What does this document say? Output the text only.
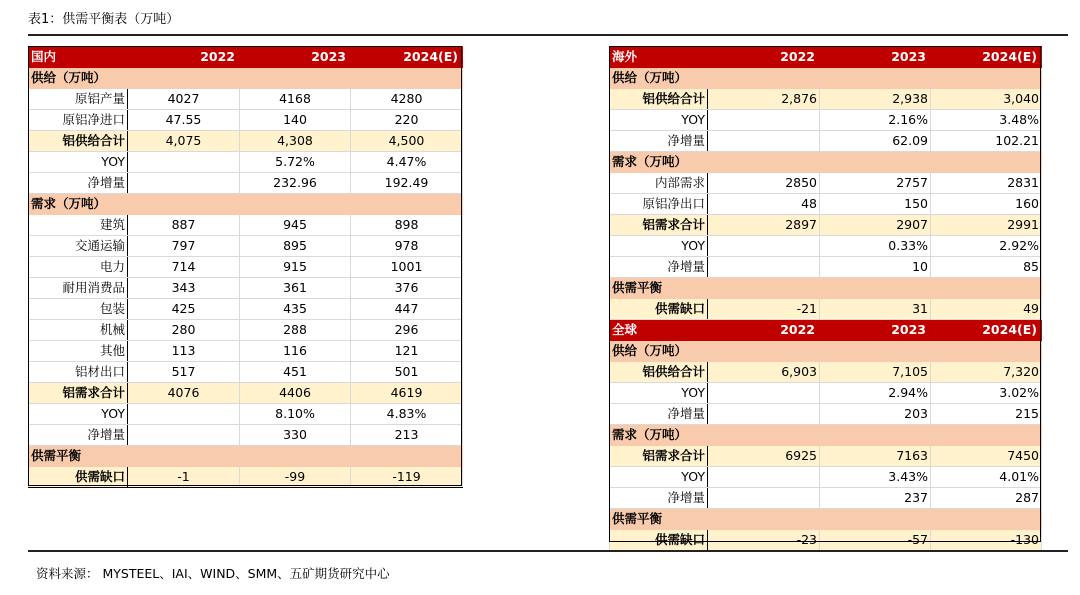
表1：供需平衡表（万吨）
国内	2022	2023	2024(E)
供给（万吨）			
原铝产量	4027	4168	4280
原铝净进口	47.55	140	220
铝供给合计	4,075	4,308	4,500
YOY		5.72%	4.47%
净增量		232.96	192.49
需求（万吨）			
建筑	887	945	898
交通运输	797	895	978
电力	714	915	1001
耐用消费品	343	361	376
包装	425	435	447
机械	280	288	296
其他	113	116	121
铝材出口	517	451	501
铝需求合计	4076	4406	4619
YOY		8.10%	4.83%
净增量		330	213
供需平衡			
供需缺口	-1	-99	-119
海外	2022	2023	2024(E)
供给（万吨）			
铝供给合计	2,876	2,938	3,040
YOY		2.16%	3.48%
净增量		62.09	102.21
需求（万吨）			
内部需求	2850	2757	2831
原铝净出口	48	150	160
铝需求合计	2897	2907	2991
YOY		0.33%	2.92%
净增量		10	85
供需平衡			
供需缺口	-21	31	49
全球	2022	2023	2024(E)
供给（万吨）			
铝供给合计	6,903	7,105	7,320
YOY		2.94%	3.02%
净增量		203	215
需求（万吨）			
铝需求合计	6925	7163	7450
YOY		3.43%	4.01%
净增量		237	287
供需平衡			
供需缺口	-23	-57	-130
资料来源： MYSTEEL、IAI、WIND、SMM、五矿期货研究中心
